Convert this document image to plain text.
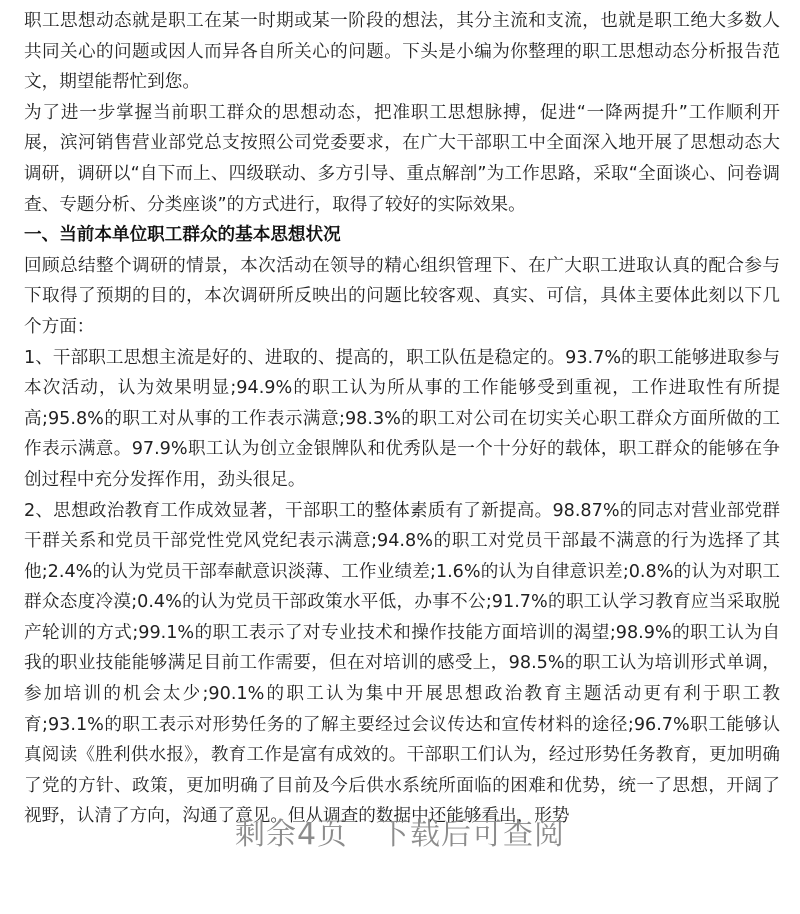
职工思想动态就是职工在某一时期或某一阶段的想法，其分主流和支流，也就是职工绝大多数人共同关心的问题或因人而异各自所关心的问题。下头是小编为你整理的职工思想动态分析报告范文，期望能帮忙到您。

为了进一步掌握当前职工群众的思想动态，把准职工思想脉搏，促进“一降两提升”工作顺利开展，滨河销售营业部党总支按照公司党委要求，在广大干部职工中全面深入地开展了思想动态大调研，调研以“自下而上、四级联动、多方引导、重点解剖”为工作思路，采取“全面谈心、问卷调查、专题分析、分类座谈”的方式进行，取得了较好的实际效果。

一、当前本单位职工群众的基本思想状况

回顾总结整个调研的情景，本次活动在领导的精心组织管理下、在广大职工进取认真的配合参与下取得了预期的目的，本次调研所反映出的问题比较客观、真实、可信，具体主要体此刻以下几个方面：

1、干部职工思想主流是好的、进取的、提高的，职工队伍是稳定的。93.7%的职工能够进取参与本次活动，认为效果明显;94.9%的职工认为所从事的工作能够受到重视，工作进取性有所提高;95.8%的职工对从事的工作表示满意;98.3%的职工对公司在切实关心职工群众方面所做的工作表示满意。97.9%职工认为创立金银牌队和优秀队是一个十分好的载体，职工群众的能够在争创过程中充分发挥作用，劲头很足。

2、思想政治教育工作成效显著，干部职工的整体素质有了新提高。98.87%的同志对营业部党群干群关系和党员干部党性党风党纪表示满意;94.8%的职工对党员干部最不满意的行为选择了其他;2.4%的认为党员干部奉献意识淡薄、工作业绩差;1.6%的认为自律意识差;0.8%的认为对职工群众态度冷漠;0.4%的认为党员干部政策水平低，办事不公;91.7%的职工认学习教育应当采取脱产轮训的方式;99.1%的职工表示了对专业技术和操作技能方面培训的渴望;98.9%的职工认为自我的职业技能能够满足目前工作需要，但在对培训的感受上，98.5%的职工认为培训形式单调，参加培训的机会太少;90.1%的职工认为集中开展思想政治教育主题活动更有利于职工教育;93.1%的职工表示对形势任务的了解主要经过会议传达和宣传材料的途径;96.7%职工能够认真阅读《胜利供水报》，教育工作是富有成效的。干部职工们认为，经过形势任务教育，更加明确了党的方针、政策，更加明确了目前及今后供水系统所面临的困难和优势，统一了思想，开阔了视野，认清了方向，沟通了意见。但从调查的数据中还能够看出，形势

剩余4页　下载后可查阅
